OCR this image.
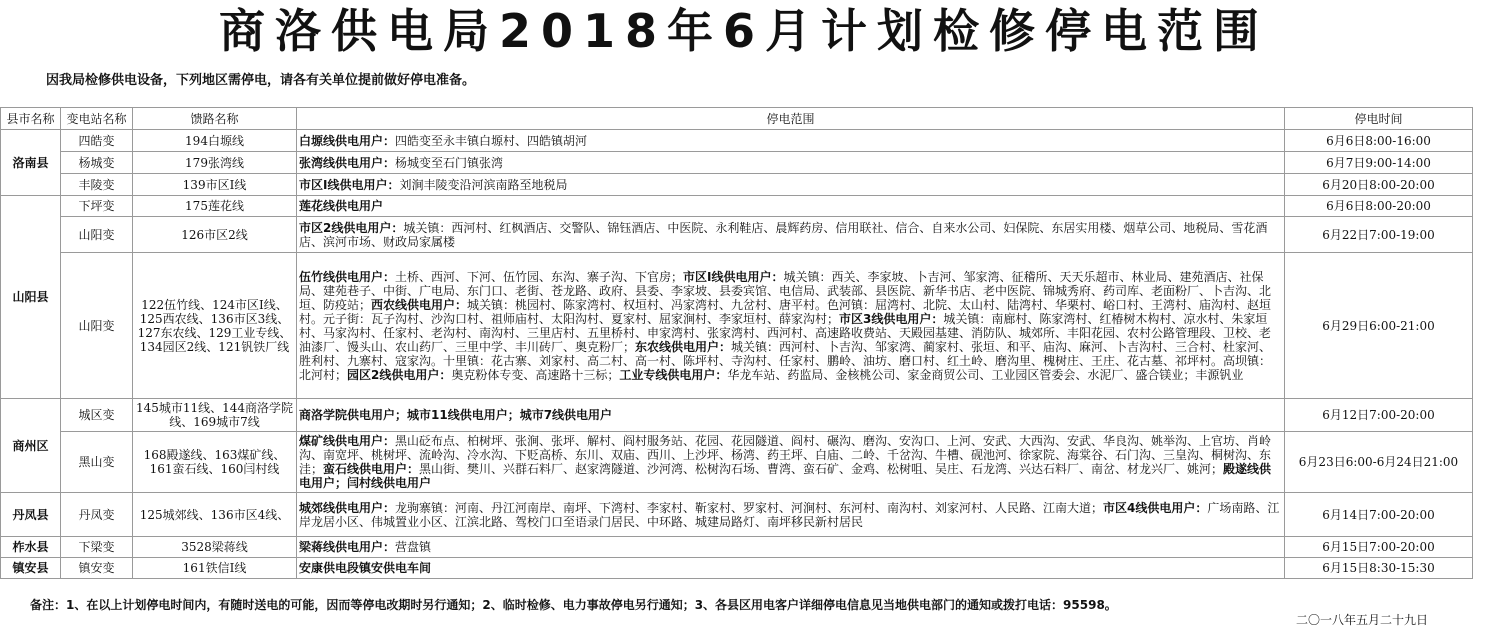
商洛供电局2018年6月计划检修停电范围
因我局检修供电设备，下列地区需停电，请各有关单位提前做好停电准备。
县市名称	变电站名称	馈路名称	停电范围	停电时间
洛南县	四皓变	194白塬线	白塬线供电用户：四皓变至永丰镇白塬村、四皓镇胡河	6月6日8:00-16:00
	杨城变	179张湾线	张湾线供电用户：杨城变至石门镇张湾	6月7日9:00-14:00
	丰陵变	139市区Ⅰ线	市区Ⅰ线供电用户：刘涧丰陵变沿河滨南路至地税局	6月20日8:00-20:00
山阳县	下坪变	175莲花线	莲花线供电用户	6月6日8:00-20:00
	山阳变	126市区2线	市区2线供电用户：城关镇：西河村、红枫酒店、交警队、锦钰酒店、中医院、永利鞋店、晨辉药房、信用联社、信合、自来水公司、妇保院、东居实用楼、烟草公司、地税局、雪花酒店、滨河市场、财政局家属楼	6月22日7:00-19:00
	山阳变	122伍竹线、124市区Ⅰ线、125西农线、136市区3线、127东农线、129工业专线、134园区2线、121钒铁厂线	伍竹线供电用户：土桥、西河、下河、伍竹园、东沟、寨子沟、下官房；市区Ⅰ线供电用户：城关镇：西关、李家坡、卜吉河、邹家湾、征稽所、天天乐超市、林业局、建苑酒店、社保局、建苑巷子、中街、广电局、东门口、老街、苍龙路、政府、县委、李家坡、县委宾馆、电信局、武装部、县医院、新华书店、老中医院、锦城秀府、药司库、老面粉厂、卜吉沟、北垣、防疫站；西农线供电用户：城关镇：桃园村、陈家湾村、权垣村、冯家湾村、九岔村、唐平村。色河镇：屈湾村、北院、太山村、陆湾村、华栗村、峪口村、王湾村、庙沟村、赵垣村。元子街：瓦子沟村、沙沟口村、祖师庙村、太阳沟村、夏家村、屈家涧村、李家垣村、薛家沟村；市区3线供电用户：城关镇：南廊村、陈家湾村、红椿树木构村、凉水村、朱家垣村、马家沟村、任家村、老沟村、南沟村、三里店村、五里桥村、申家湾村、张家湾村、西河村、高速路收费站、天殿园基建、消防队、城郊所、丰阳花园、农村公路管理段、卫校、老油漆厂、馒头山、农山药厂、三里中学、丰川砖厂、奥克粉厂；东农线供电用户：城关镇：西河村、卜吉沟、邹家湾、蔺家村、张垣、和平、庙沟、麻河、卜吉沟村、三合村、杜家河、胜利村、九寨村、寇家沟。十里镇：花古寨、刘家村、高二村、高一村、陈坪村、寺沟村、任家村、鹏岭、油坊、磨口村、红土岭、磨沟里、槐树庄、王庄、花古墓、祁坪村。高坝镇：北河村；园区2线供电用户：奥克粉体专变、高速路十三标；工业专线供电用户：华龙车站、药监局、金核桃公司、家金商贸公司、工业园区管委会、水泥厂、盛合镁业；丰源钒业	6月29日6:00-21:00
商州区	城区变	145城市11线、144商洛学院线、169城市7线	商洛学院供电用户；城市11线供电用户；城市7线供电用户	6月12日7:00-20:00
	黑山变	168殿遂线、163煤矿线、161蛮石线、160闫村线	煤矿线供电用户：黑山砭布点、柏树坪、张涧、张坪、解村、阎村服务站、花园、花园隧道、阎村、碾沟、磨沟、安沟口、上河、安武、大西沟、安武、华良沟、姚举沟、上官坊、肖岭沟、南宽坪、桃树坪、流岭沟、冷水沟、下贬高桥、东川、双庙、西川、上沙坪、杨湾、药王坪、白庙、二岭、千岔沟、牛槽、砚池河、徐家院、海棠谷、石门沟、三皇沟、桐树沟、东洼；蛮石线供电用户：黑山街、樊川、兴群石料厂、赵家湾隧道、沙河湾、松树沟石场、曹湾、蛮石矿、金鸡、松树咀、吴庄、石龙湾、兴达石料厂、南岔、材龙兴厂、姚河；殿遂线供电用户；闫村线供电用户	6月23日6:00-6月24日21:00
丹凤县	丹凤变	125城郊线、136市区4线、	城郊线供电用户：龙驹寨镇：河南、丹江河南岸、南坪、下湾村、李家村、靳家村、罗家村、河涧村、东河村、南沟村、刘家河村、人民路、江南大道；市区4线供电用户：广场南路、江岸龙居小区、伟城置业小区、江滨北路、驾校门口至语录门居民、中环路、城建局路灯、南坪移民新村居民	6月14日7:00-20:00
柞水县	下梁变	3528梁蒋线	梁蒋线供电用户：营盘镇	6月15日7:00-20:00
镇安县	镇安变	161铁信Ⅰ线	安康供电段镇安供电车间	6月15日8:30-15:30
备注：1、在以上计划停电时间内，有随时送电的可能，因而等停电改期时另行通知；2、临时检修、电力事故停电另行通知；3、各县区用电客户详细停电信息见当地供电部门的通知或拨打电话：95598。
二〇一八年五月二十九日
